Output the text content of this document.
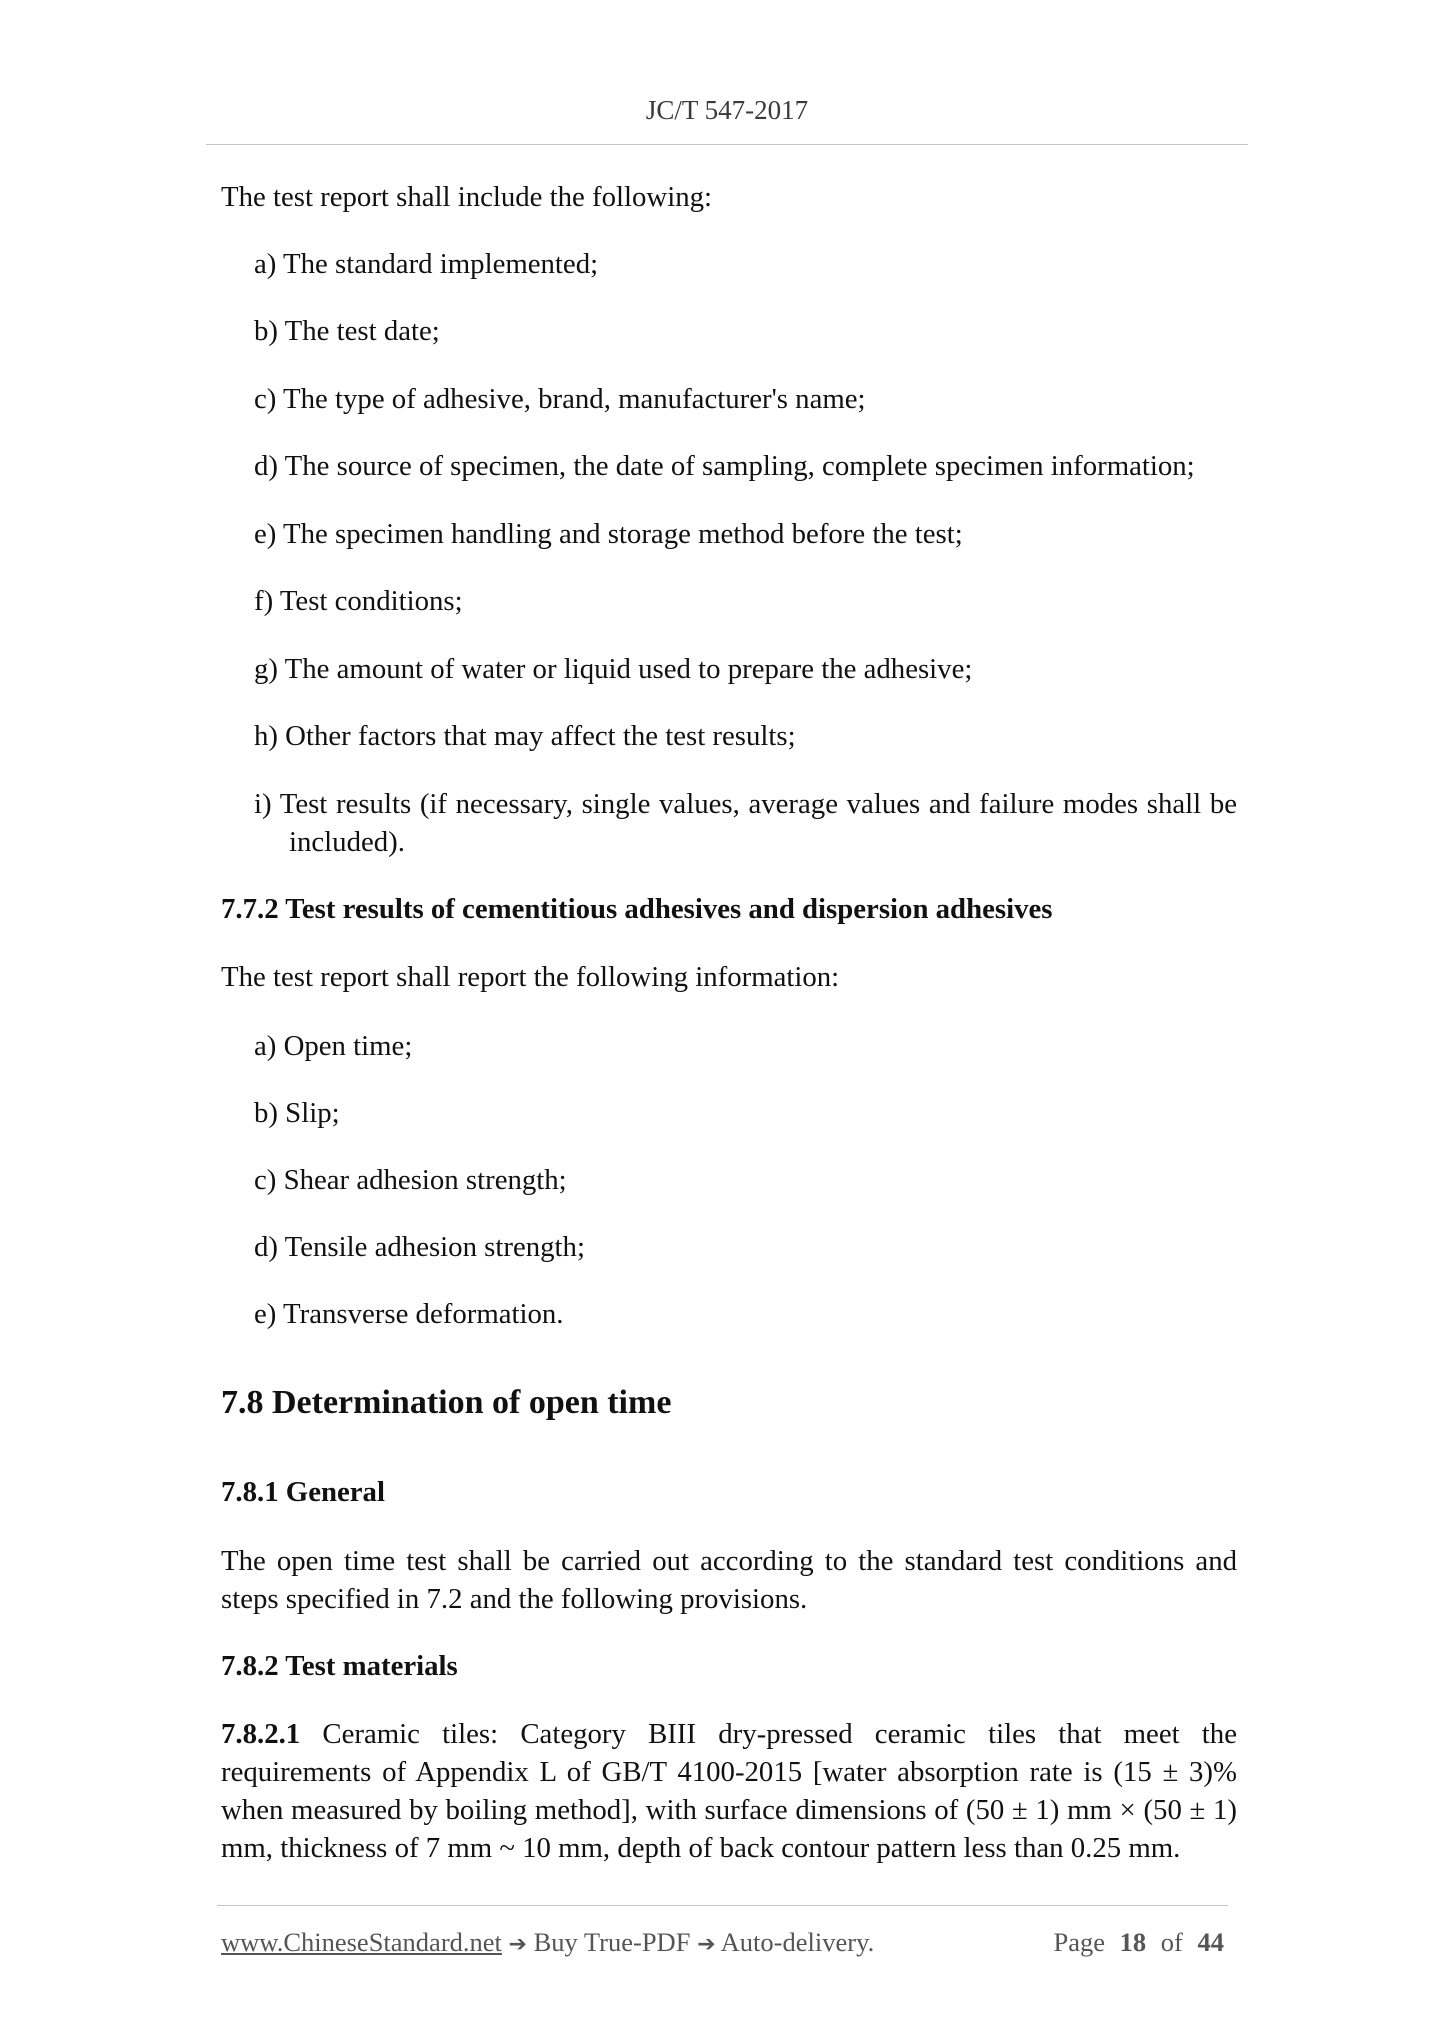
JC/T 547-2017
The test report shall include the following:
a) The standard implemented;
b) The test date;
c) The type of adhesive, brand, manufacturer's name;
d) The source of specimen, the date of sampling, complete specimen information;
e) The specimen handling and storage method before the test;
f) Test conditions;
g) The amount of water or liquid used to prepare the adhesive;
h) Other factors that may affect the test results;
i) Test results (if necessary, single values, average values and failure modes shall be
included).
7.7.2 Test results of cementitious adhesives and dispersion adhesives
The test report shall report the following information:
a) Open time;
b) Slip;
c) Shear adhesion strength;
d) Tensile adhesion strength;
e) Transverse deformation.
7.8 Determination of open time
7.8.1 General
The open time test shall be carried out according to the standard test conditions and
steps specified in 7.2 and the following provisions.
7.8.2 Test materials
7.8.2.1 Ceramic tiles: Category BIII dry-pressed ceramic tiles that meet the
requirements of Appendix L of GB/T 4100-2015 [water absorption rate is (15 ± 3)%
when measured by boiling method], with surface dimensions of (50 ± 1) mm × (50 ± 1)
mm, thickness of 7 mm ~ 10 mm, depth of back contour pattern less than 0.25 mm.
www.ChineseStandard.net ➔ Buy True-PDF ➔ Auto-delivery.	Page 18 of 44
